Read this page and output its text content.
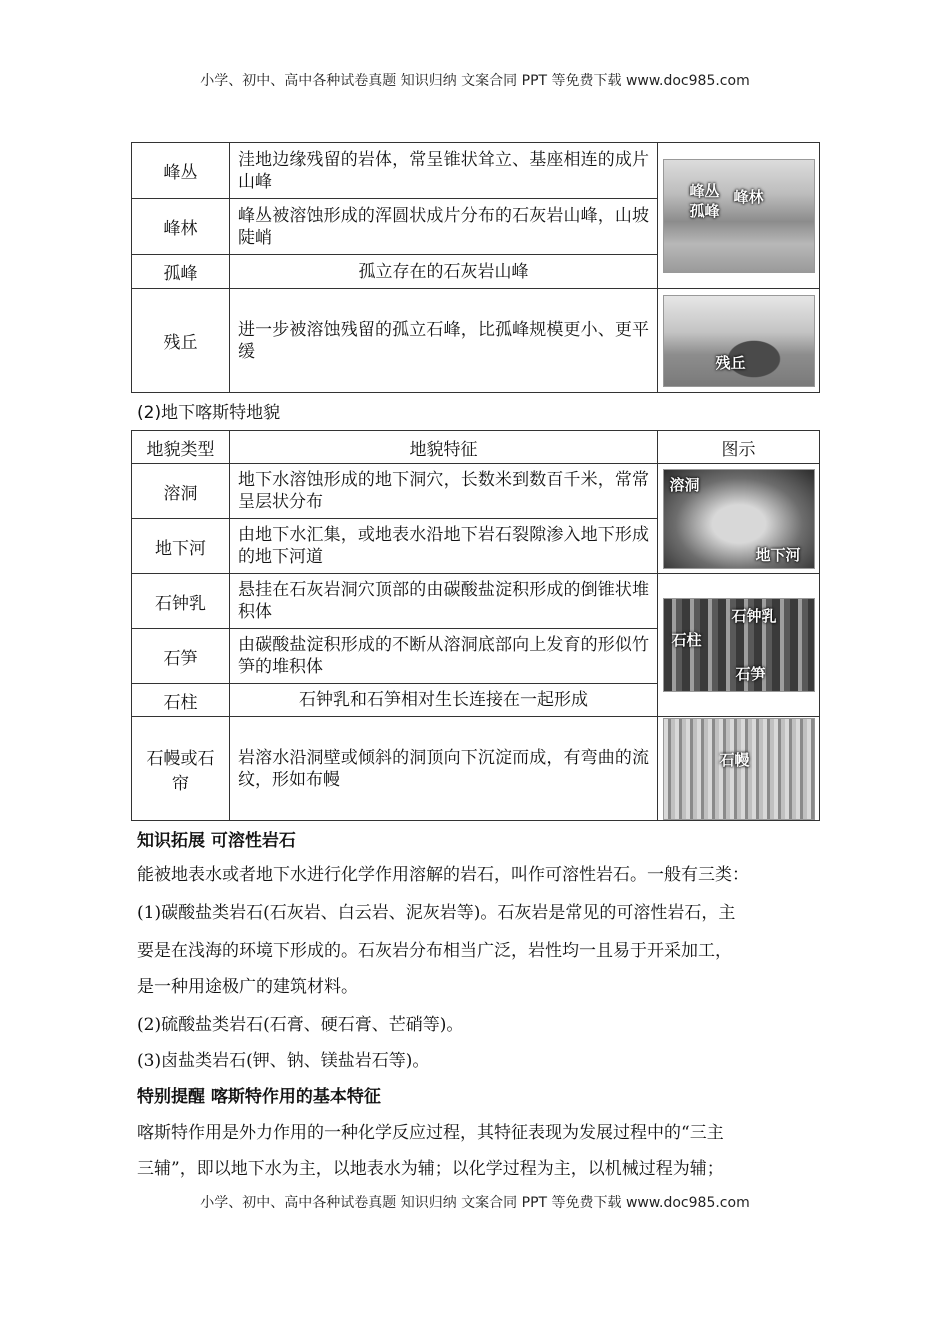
小学、初中、高中各种试卷真题 知识归纳 文案合同 PPT 等免费下载 www.doc985.com
峰丛	洼地边缘残留的岩体，常呈锥状耸立、基座相连的成片山峰	峰丛 峰林
孤峰

峰林	峰丛被溶蚀形成的浑圆状成片分布的石灰岩山峰，山坡陡峭	
孤峰	孤立存在的石灰岩山峰	
残丘	进一步被溶蚀残留的孤立石峰，比孤峰规模更小、更平缓	残丘
(2)地下喀斯特地貌
地貌类型	地貌特征	图示
溶洞	地下水溶蚀形成的地下洞穴，长数米到数百千米，常常呈层状分布	溶洞
地下河

地下河	由地下水汇集，或地表水沿地下岩石裂隙渗入地下形成的地下河道	
石钟乳	悬挂在石灰岩洞穴顶部的由碳酸盐淀积形成的倒锥状堆积体	石钟乳
石柱
石笋

石笋	由碳酸盐淀积形成的不断从溶洞底部向上发育的形似竹笋的堆积体	
石柱	石钟乳和石笋相对生长连接在一起形成	
石幔或石帘	岩溶水沿洞壁或倾斜的洞顶向下沉淀而成，有弯曲的流纹，形如布幔	石幔
知识拓展 可溶性岩石
能被地表水或者地下水进行化学作用溶解的岩石，叫作可溶性岩石。一般有三类：
(1)碳酸盐类岩石(石灰岩、白云岩、泥灰岩等)。石灰岩是常见的可溶性岩石，主
要是在浅海的环境下形成的。石灰岩分布相当广泛，岩性均一且易于开采加工，
是一种用途极广的建筑材料。
(2)硫酸盐类岩石(石膏、硬石膏、芒硝等)。
(3)卤盐类岩石(钾、钠、镁盐岩石等)。
特别提醒 喀斯特作用的基本特征
喀斯特作用是外力作用的一种化学反应过程，其特征表现为发展过程中的“三主
三辅”，即以地下水为主，以地表水为辅；以化学过程为主，以机械过程为辅；
小学、初中、高中各种试卷真题 知识归纳 文案合同 PPT 等免费下载 www.doc985.com
